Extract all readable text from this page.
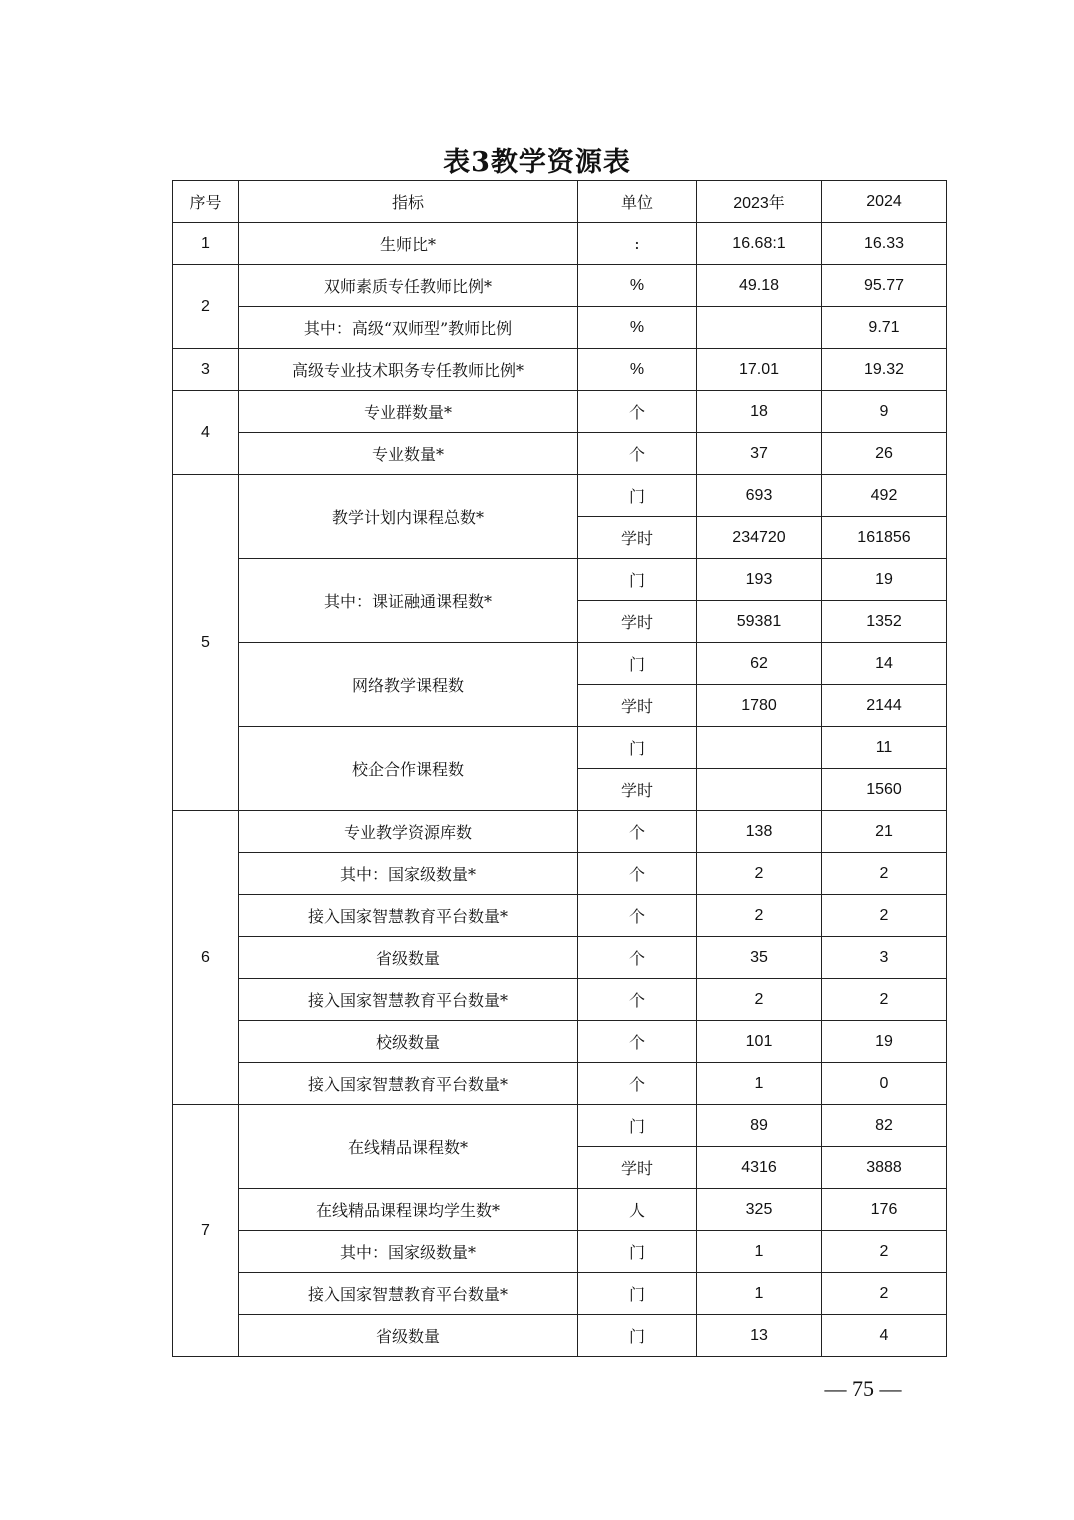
表3教学资源表
序号	指标	单位	2023年	2024
1	生师比*	:	16.68:1	16.33
2	双师素质专任教师比例*	%	49.18	95.77
	其中：高级“双师型”教师比例	%		9.71
3	高级专业技术职务专任教师比例*	%	17.01	19.32
4	专业群数量*	个	18	9
	专业数量*	个	37	26
5	教学计划内课程总数*	门	693	492
		学时	234720	161856
	其中：课证融通课程数*	门	193	19
		学时	59381	1352
	网络教学课程数	门	62	14
		学时	1780	2144
	校企合作课程数	门		11
		学时		1560
6	专业教学资源库数	个	138	21
	其中：国家级数量*	个	2	2
	接入国家智慧教育平台数量*	个	2	2
	省级数量	个	35	3
	接入国家智慧教育平台数量*	个	2	2
	校级数量	个	101	19
	接入国家智慧教育平台数量*	个	1	0
7	在线精品课程数*	门	89	82
		学时	4316	3888
	在线精品课程课均学生数*	人	325	176
	其中：国家级数量*	门	1	2
	接入国家智慧教育平台数量*	门	1	2
	省级数量	门	13	4
— 75 —
